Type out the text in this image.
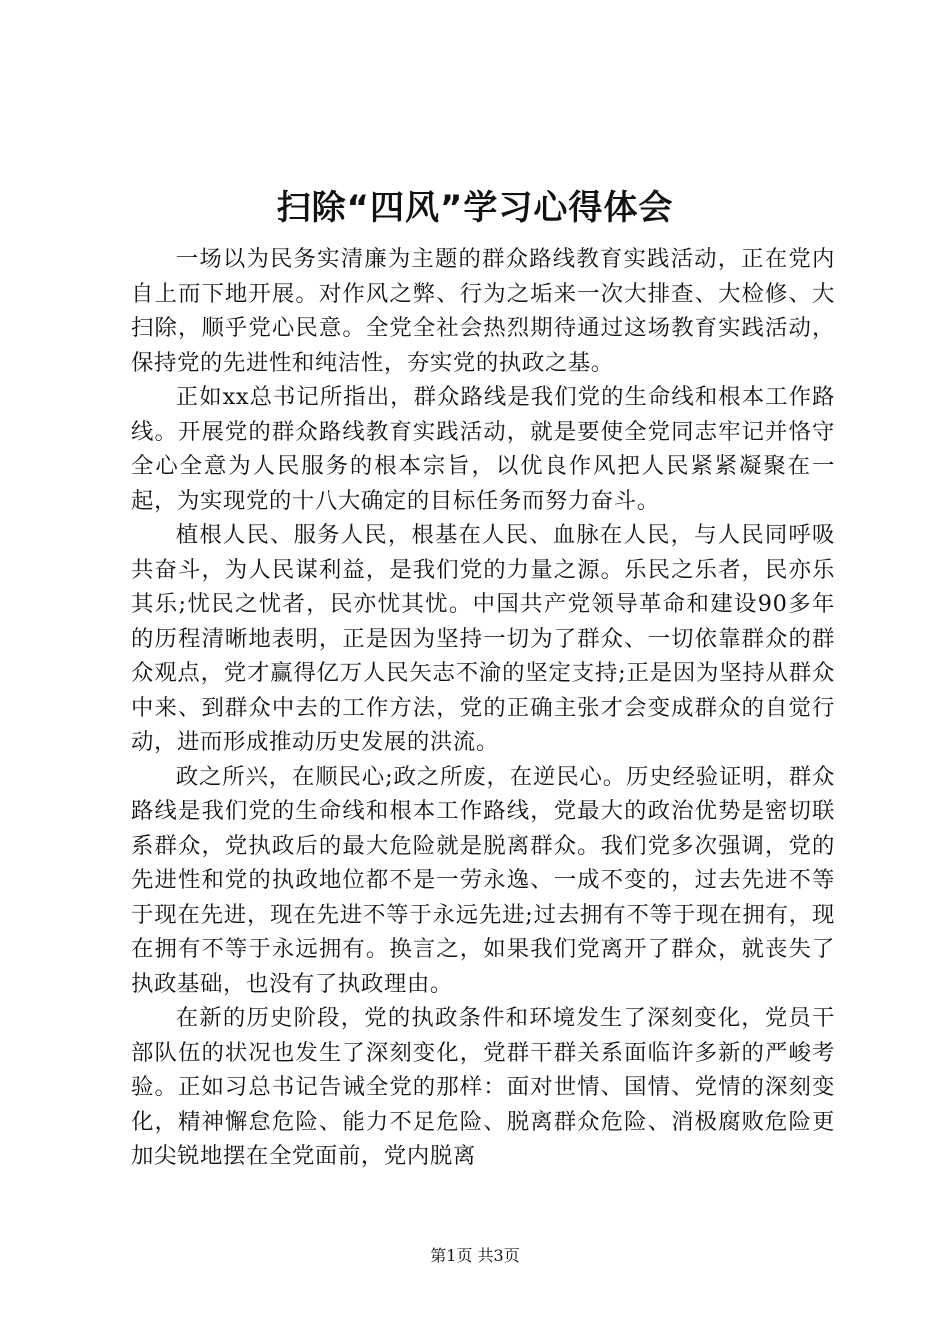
扫除“四风”学习心得体会

一场以为民务实清廉为主题的群众路线教育实践活动，正在党内自上而下地开展。对作风之弊、行为之垢来一次大排查、大检修、大扫除，顺乎党心民意。全党全社会热烈期待通过这场教育实践活动，保持党的先进性和纯洁性，夯实党的执政之基。

正如xx总书记所指出，群众路线是我们党的生命线和根本工作路线。开展党的群众路线教育实践活动，就是要使全党同志牢记并恪守全心全意为人民服务的根本宗旨，以优良作风把人民紧紧凝聚在一起，为实现党的十八大确定的目标任务而努力奋斗。

植根人民、服务人民，根基在人民、血脉在人民，与人民同呼吸共奋斗，为人民谋利益，是我们党的力量之源。乐民之乐者，民亦乐其乐;忧民之忧者，民亦忧其忧。中国共产党领导革命和建设90多年的历程清晰地表明，正是因为坚持一切为了群众、一切依靠群众的群众观点，党才赢得亿万人民矢志不渝的坚定支持;正是因为坚持从群众中来、到群众中去的工作方法，党的正确主张才会变成群众的自觉行动，进而形成推动历史发展的洪流。

政之所兴，在顺民心;政之所废，在逆民心。历史经验证明，群众路线是我们党的生命线和根本工作路线，党最大的政治优势是密切联系群众，党执政后的最大危险就是脱离群众。我们党多次强调，党的先进性和党的执政地位都不是一劳永逸、一成不变的，过去先进不等于现在先进，现在先进不等于永远先进;过去拥有不等于现在拥有，现在拥有不等于永远拥有。换言之，如果我们党离开了群众，就丧失了执政基础，也没有了执政理由。

在新的历史阶段，党的执政条件和环境发生了深刻变化，党员干部队伍的状况也发生了深刻变化，党群干群关系面临许多新的严峻考验。正如习总书记告诫全党的那样：面对世情、国情、党情的深刻变化，精神懈怠危险、能力不足危险、脱离群众危险、消极腐败危险更加尖锐地摆在全党面前，党内脱离

第1页 共3页
